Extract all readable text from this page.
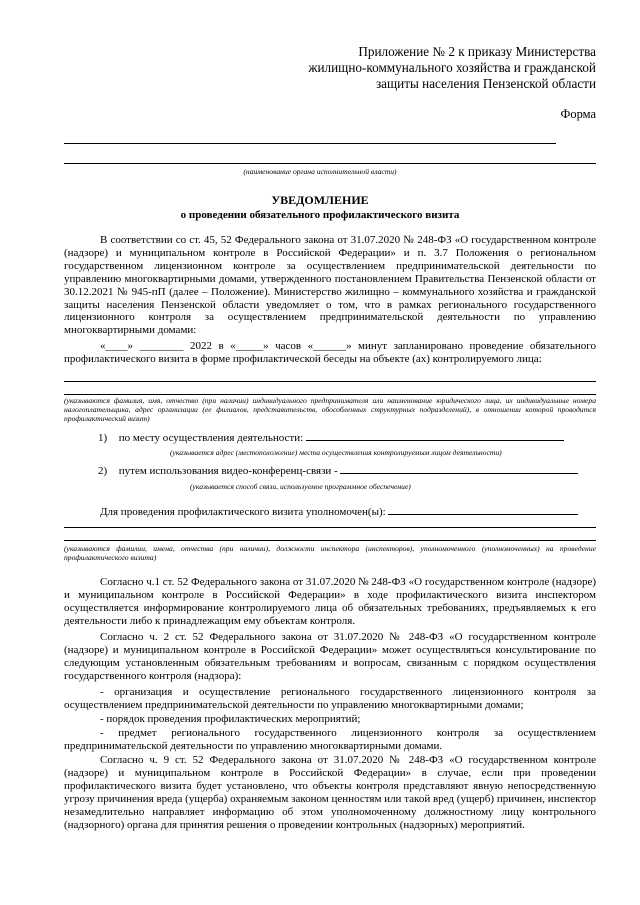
Приложение № 2 к приказу Министерства
жилищно-коммунального хозяйства и гражданской
защиты населения Пензенской области
Форма
(наименование органа исполнительной власти)
УВЕДОМЛЕНИЕ
о проведении обязательного профилактического визита
В соответствии со ст. 45, 52 Федерального закона от 31.07.2020 № 248-ФЗ «О государственном контроле (надзоре) и муниципальном контроле в Российской Федерации» и п. 3.7 Положения о региональном государственном лицензионном контроле за осуществлением предпринимательской деятельности по управлению многоквартирными домами, утвержденного постановлением Правительства Пензенской области от 30.12.2021 № 945-пП (далее – Положение). Министерство жилищно – коммунального хозяйства и гражданской защиты населения Пензенской области уведомляет о том, что в рамках регионального государственного лицензионного контроля за осуществлением предпринимательской деятельности по управлению многоквартирными домами:
«____» ________ 2022 в «_____» часов «______» минут запланировано проведение обязательного профилактического визита в форме профилактической беседы на объекте (ах) контролируемого лица:
(указываются фамилия, имя, отчество (при наличии) индивидуального предпринимателя или наименование юридического лица, их индивидуальные номера налогоплательщика, адрес организации (ее филиалов, представительств, обособленных структурных подразделений), в отношении которой проводится профилактический визит)
1) по месту осуществления деятельности:
(указывается адрес (местоположение) места осуществления контролируемым лицом деятельности)
2) путем использования видео-конференц-связи -
(указывается способ связи, используемое программное обеспечение)
Для проведения профилактического визита уполномочен(ы):
(указываются фамилии, имена, отчества (при наличии), должности инспектора (инспекторов), уполномоченного (уполномоченных) на проведение профилактического визита)
Согласно ч.1 ст. 52 Федерального закона от 31.07.2020 № 248-ФЗ «О государственном контроле (надзоре) и муниципальном контроле в Российской Федерации» в ходе профилактического визита инспектором осуществляется информирование контролируемого лица об обязательных требованиях, предъявляемых к его деятельности либо к принадлежащим ему объектам контроля.
Согласно ч. 2 ст. 52 Федерального закона от 31.07.2020 № 248-ФЗ «О государственном контроле (надзоре) и муниципальном контроле в Российской Федерации» может осуществляться консультирование по следующим установленным обязательным требованиям и вопросам, связанным с порядком осуществления государственного контроля (надзора):
- организация и осуществление регионального государственного лицензионного контроля за осуществлением предпринимательской деятельности по управлению многоквартирными домами;
- порядок проведения профилактических мероприятий;
- предмет регионального государственного лицензионного контроля за осуществлением предпринимательской деятельности по управлению многоквартирными домами.
Согласно ч. 9 ст. 52 Федерального закона от 31.07.2020 № 248-ФЗ «О государственном контроле (надзоре) и муниципальном контроле в Российской Федерации» в случае, если при проведении профилактического визита будет установлено, что объекты контроля представляют явную непосредственную угрозу причинения вреда (ущерба) охраняемым законом ценностям или такой вред (ущерб) причинен, инспектор незамедлительно направляет информацию об этом уполномоченному должностному лицу контрольного (надзорного) органа для принятия решения о проведении контрольных (надзорных) мероприятий.
